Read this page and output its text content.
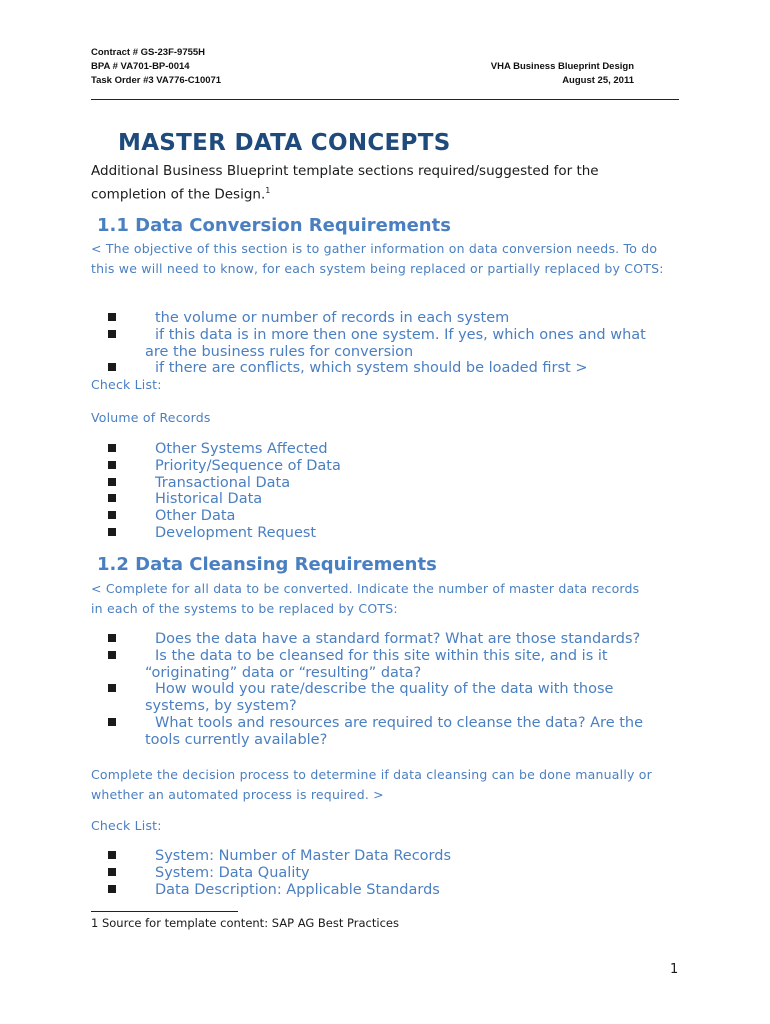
Contract # GS-23F-9755H
BPA # VA701-BP-0014
Task Order #3 VA776-C10071
VHA Business Blueprint Design
August 25, 2011
MASTER DATA CONCEPTS

Additional Business Blueprint template sections required/suggested for the completion of the Design.$^1$

1.1 Data Conversion Requirements

< The objective of this section is to gather information on data conversion needs. To do this we will need to know, for each system being replaced or partially replaced by COTS:

the volume or number of records in each system
if this data is in more then one system. If yes, which ones and what are the business rules for conversion
if there are conflicts, which system should be loaded first >

Check List:

Volume of Records

Other Systems Affected
Priority/Sequence of Data
Transactional Data
Historical Data
Other Data
Development Request
1.2 Data Cleansing Requirements

< Complete for all data to be converted. Indicate the number of master data records in each of the systems to be replaced by COTS:

Does the data have a standard format? What are those standards?
Is the data to be cleansed for this site within this site, and is it “originating” data or “resulting” data?
How would you rate/describe the quality of the data with those systems, by system?
What tools and resources are required to cleanse the data? Are the tools currently available?

Complete the decision process to determine if data cleansing can be done manually or whether an automated process is required. >

Check List:

System: Number of Master Data Records
System: Data Quality
Data Description: Applicable Standards

1 Source for template content: SAP AG Best Practices

1
